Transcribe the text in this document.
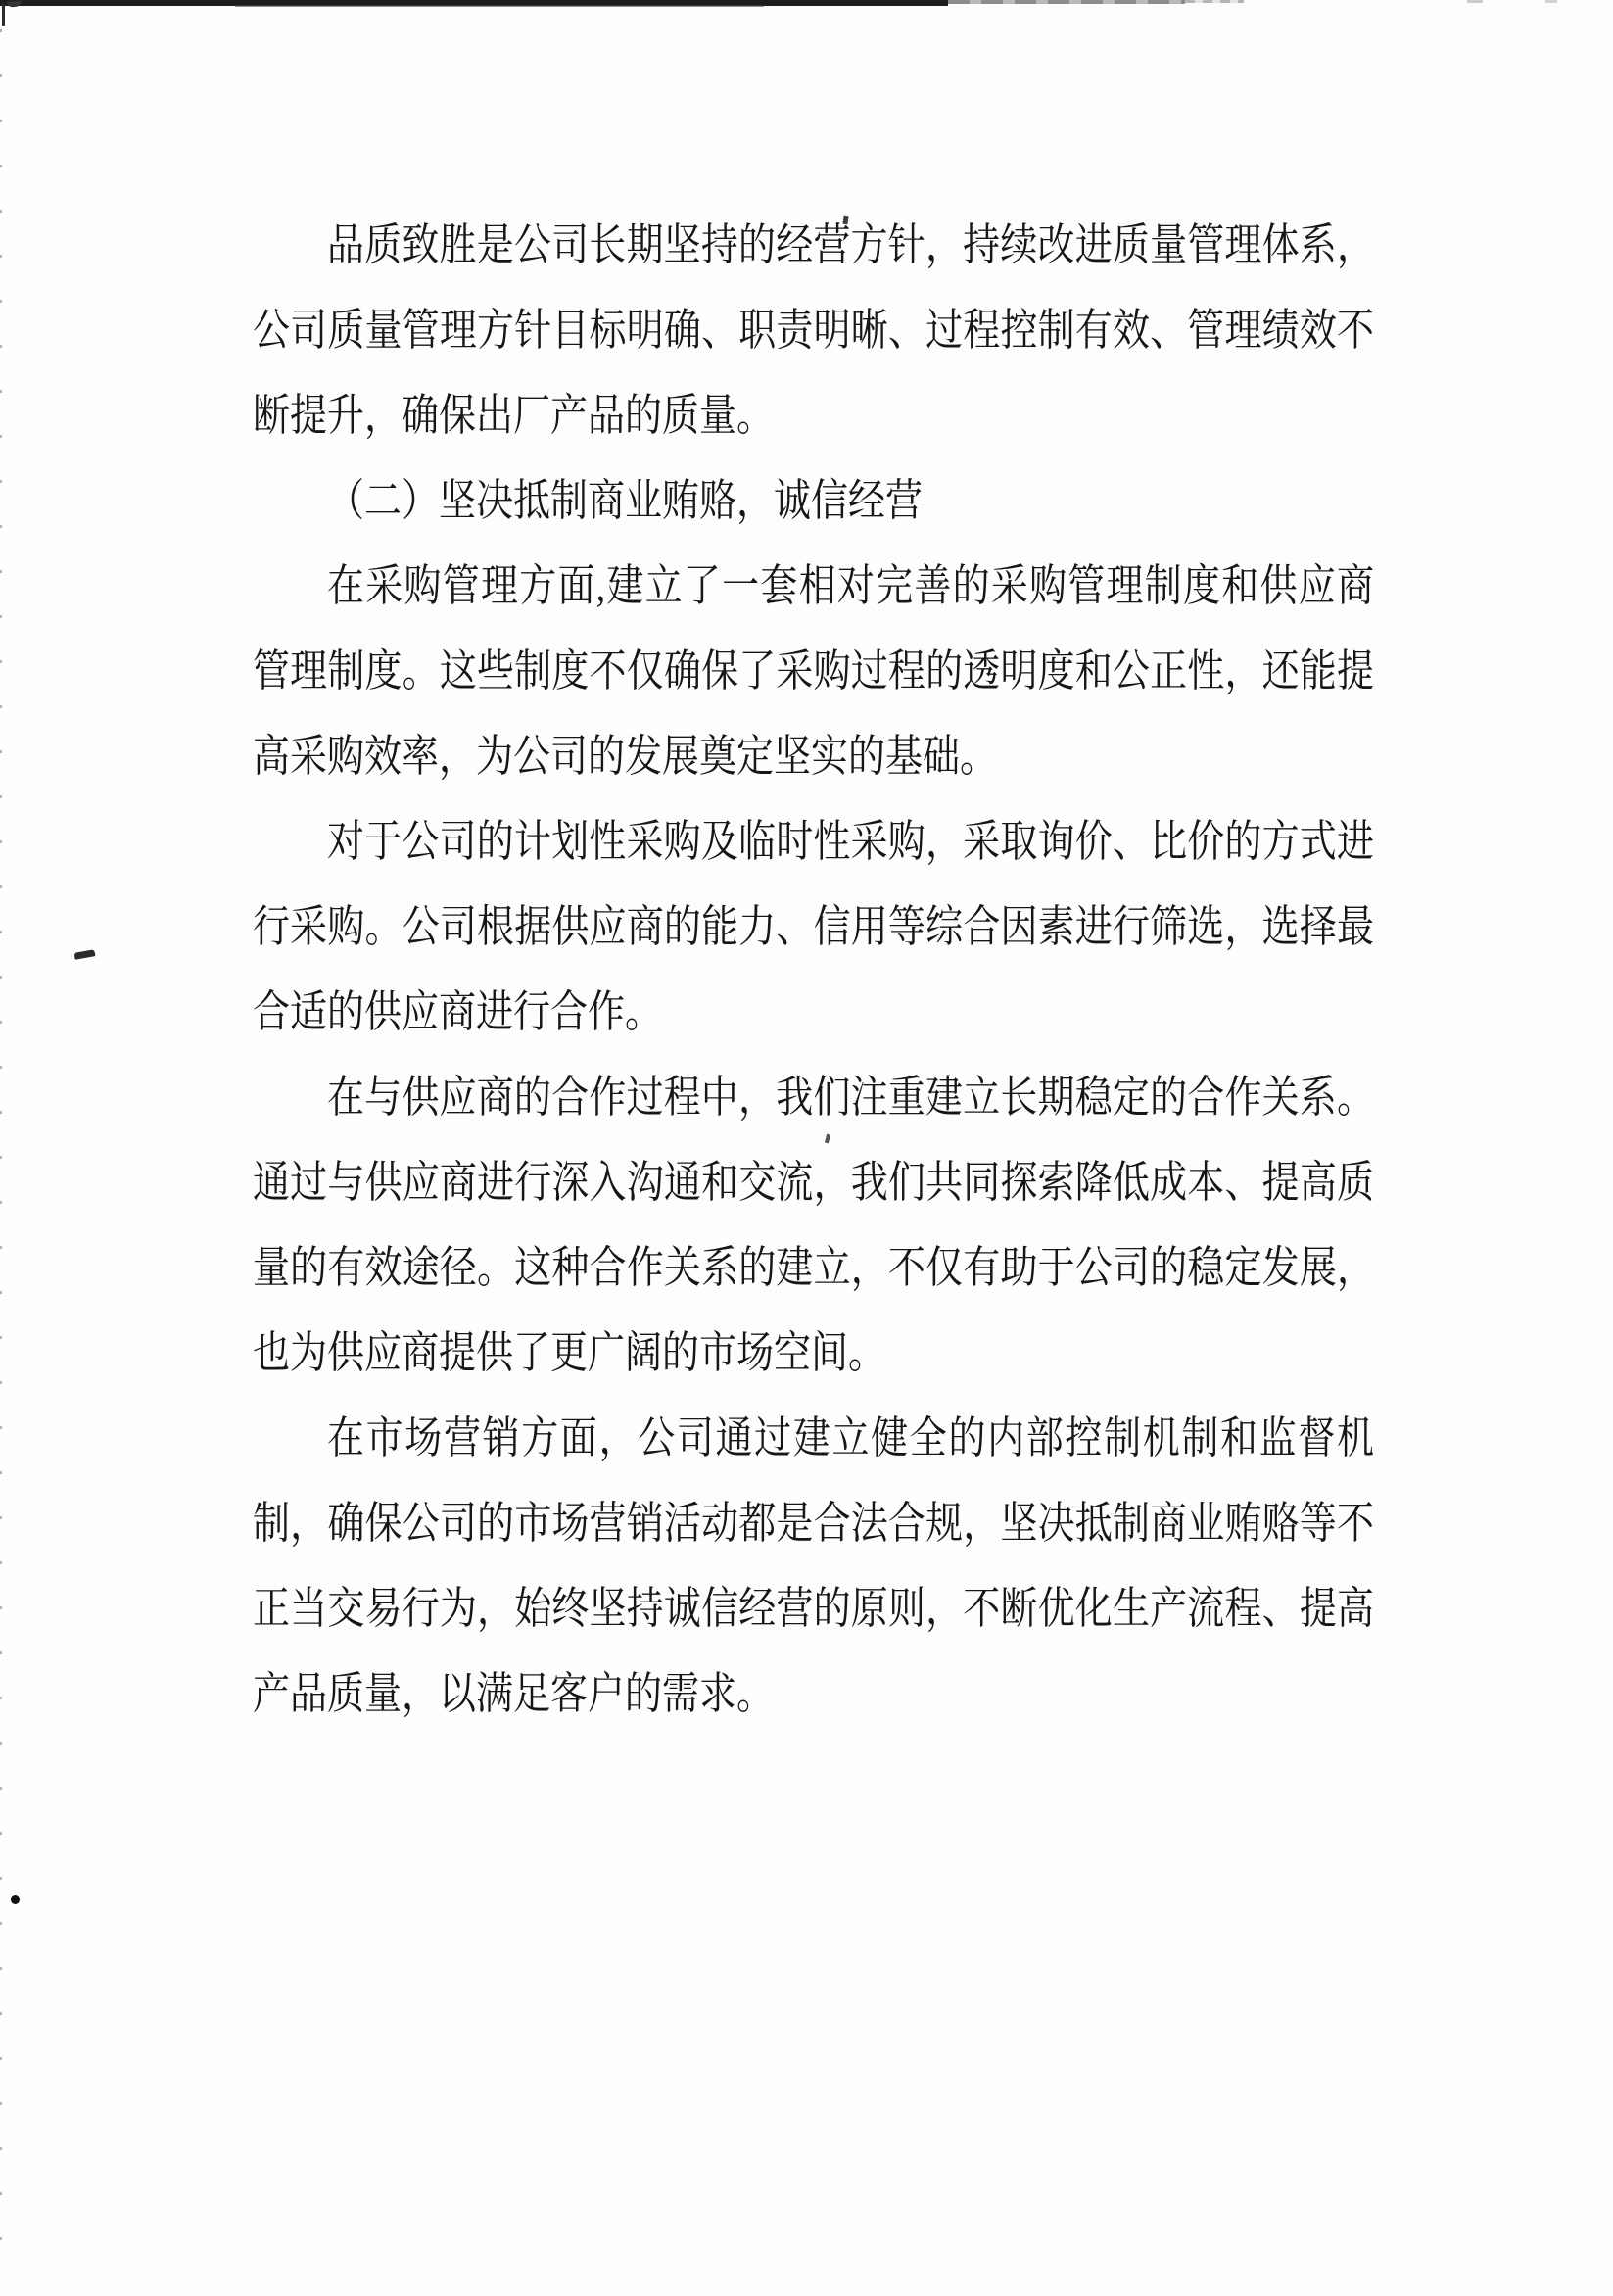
品质致胜是公司长期坚持的经营方针，持续改进质量管理体系，
公司质量管理方针目标明确、职责明晰、过程控制有效、管理绩效不
断提升，确保出厂产品的质量。
（二）坚决抵制商业贿赂，诚信经营
在采购管理方面,建立了一套相对完善的采购管理制度和供应商
管理制度。这些制度不仅确保了采购过程的透明度和公正性，还能提
高采购效率，为公司的发展奠定坚实的基础。
对于公司的计划性采购及临时性采购，采取询价、比价的方式进
行采购。公司根据供应商的能力、信用等综合因素进行筛选，选择最
合适的供应商进行合作。
在与供应商的合作过程中，我们注重建立长期稳定的合作关系。
通过与供应商进行深入沟通和交流，我们共同探索降低成本、提高质
量的有效途径。这种合作关系的建立，不仅有助于公司的稳定发展，
也为供应商提供了更广阔的市场空间。
在市场营销方面，公司通过建立健全的内部控制机制和监督机
制，确保公司的市场营销活动都是合法合规，坚决抵制商业贿赂等不
正当交易行为，始终坚持诚信经营的原则，不断优化生产流程、提高
产品质量，以满足客户的需求。
